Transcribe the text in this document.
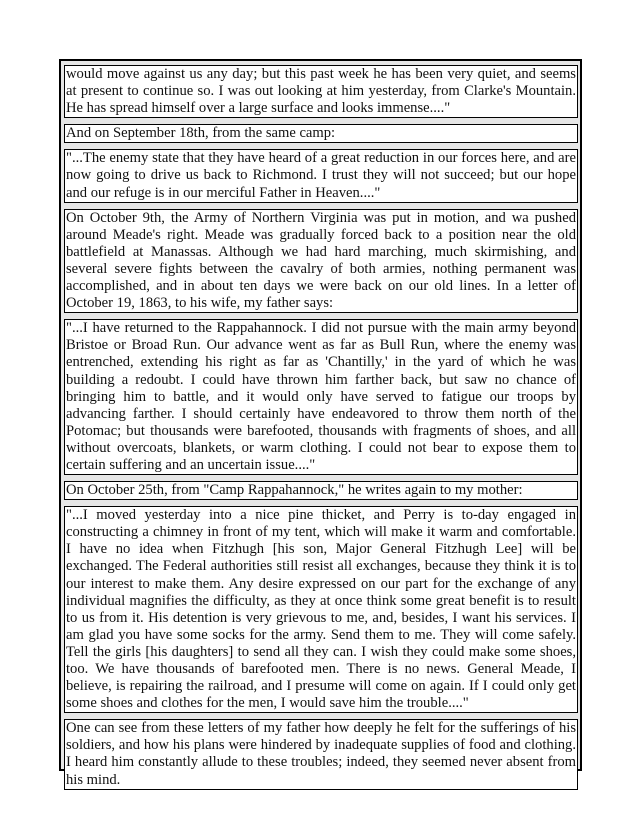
would move against us any day; but this past week he has been very quiet, and seems at present to continue so. I was out looking at him yesterday, from Clarke's Mountain. He has spread himself over a large surface and looks immense...."

And on September 18th, from the same camp:

"...The enemy state that they have heard of a great reduction in our forces here, and are now going to drive us back to Richmond. I trust they will not succeed; but our hope and our refuge is in our merciful Father in Heaven...."

On October 9th, the Army of Northern Virginia was put in motion, and wa pushed around Meade's right. Meade was gradually forced back to a position near the old battlefield at Manassas. Although we had hard marching, much skirmishing, and several severe fights between the cavalry of both armies, nothing permanent was accomplished, and in about ten days we were back on our old lines. In a letter of October 19, 1863, to his wife, my father says:

"...I have returned to the Rappahannock. I did not pursue with the main army beyond Bristoe or Broad Run. Our advance went as far as Bull Run, where the enemy was entrenched, extending his right as far as 'Chantilly,' in the yard of which he was building a redoubt. I could have thrown him farther back, but saw no chance of bringing him to battle, and it would only have served to fatigue our troops by advancing farther. I should certainly have endeavored to throw them north of the Potomac; but thousands were barefooted, thousands with fragments of shoes, and all without overcoats, blankets, or warm clothing. I could not bear to expose them to certain suffering and an uncertain issue...."

On October 25th, from "Camp Rappahannock," he writes again to my mother:

"...I moved yesterday into a nice pine thicket, and Perry is to-day engaged in constructing a chimney in front of my tent, which will make it warm and comfortable. I have no idea when Fitzhugh [his son, Major General Fitzhugh Lee] will be exchanged. The Federal authorities still resist all exchanges, because they think it is to our interest to make them. Any desire expressed on our part for the exchange of any individual magnifies the difficulty, as they at once think some great benefit is to result to us from it. His detention is very grievous to me, and, besides, I want his services. I am glad you have some socks for the army. Send them to me. They will come safely. Tell the girls [his daughters] to send all they can. I wish they could make some shoes, too. We have thousands of barefooted men. There is no news. General Meade, I believe, is repairing the railroad, and I presume will come on again. If I could only get some shoes and clothes for the men, I would save him the trouble...."

One can see from these letters of my father how deeply he felt for the sufferings of his soldiers, and how his plans were hindered by inadequate supplies of food and clothing. I heard him constantly allude to these troubles; indeed, they seemed never absent from his mind.
